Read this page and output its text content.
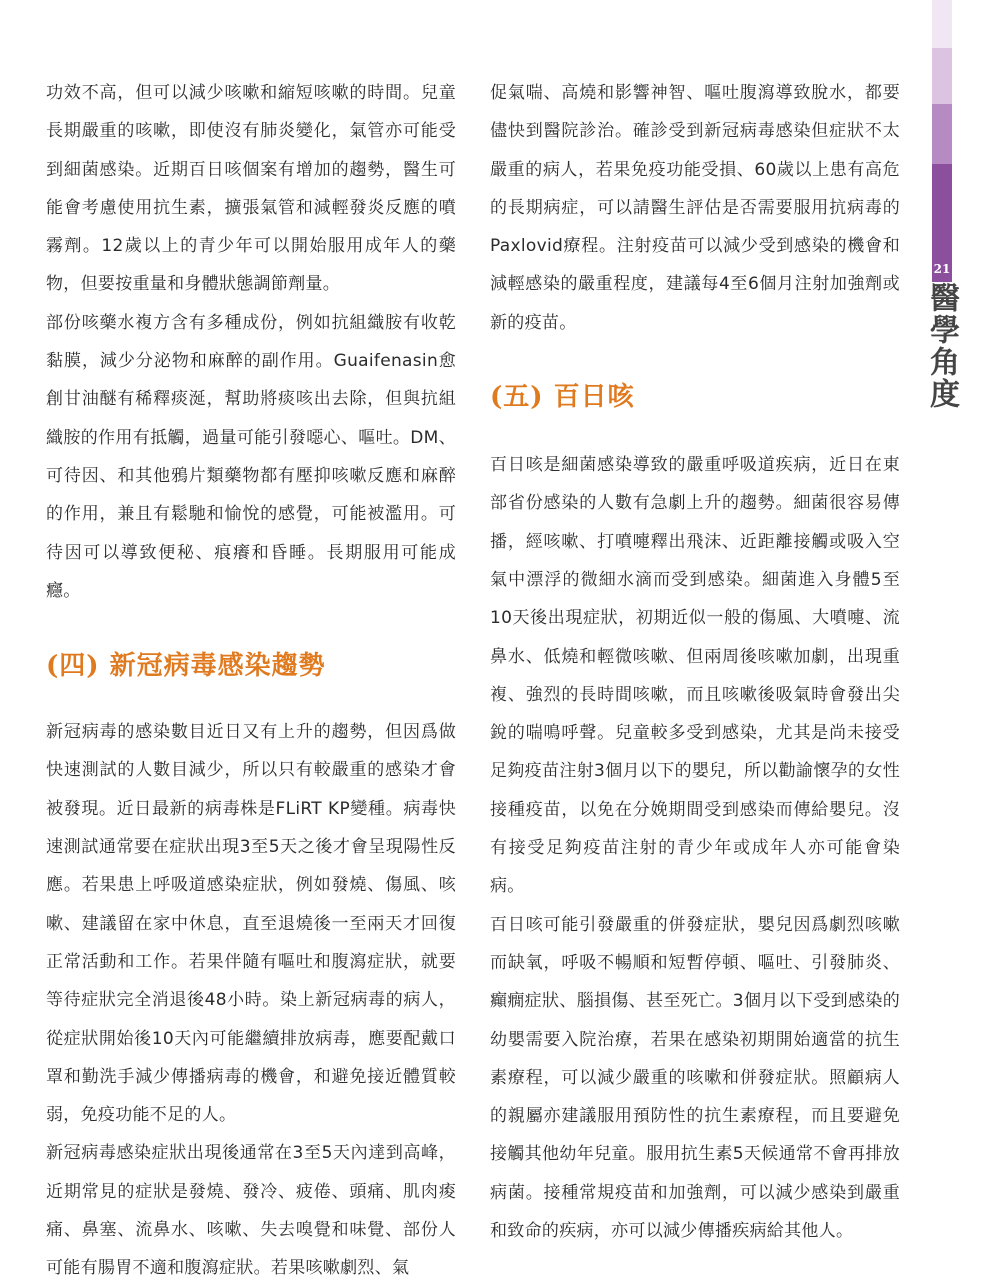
功效不高，但可以減少咳嗽和縮短咳嗽的時間。兒童長期嚴重的咳嗽，即使沒有肺炎變化，氣管亦可能受到細菌感染。近期百日咳個案有增加的趨勢，醫生可能會考慮使用抗生素，擴張氣管和減輕發炎反應的噴霧劑。12歲以上的青少年可以開始服用成年人的藥物，但要按重量和身體狀態調節劑量。

部份咳藥水複方含有多種成份，例如抗組織胺有收乾黏膜，減少分泌物和麻醉的副作用。Guaifenasin愈創甘油醚有稀釋痰涎，幫助將痰咳出去除，但與抗組織胺的作用有抵觸，過量可能引發噁心、嘔吐。DM、可待因、和其他鴉片類藥物都有壓抑咳嗽反應和麻醉的作用，兼且有鬆馳和愉悅的感覺，可能被濫用。可待因可以導致便秘、痕癢和昏睡。長期服用可能成癮。

(四) 新冠病毒感染趨勢

新冠病毒的感染數目近日又有上升的趨勢，但因爲做快速測試的人數目減少，所以只有較嚴重的感染才會被發現。近日最新的病毒株是FLiRT KP變種。病毒快速測試通常要在症狀出現3至5天之後才會呈現陽性反應。若果患上呼吸道感染症狀，例如發燒、傷風、咳嗽、建議留在家中休息，直至退燒後一至兩天才回復正常活動和工作。若果伴隨有嘔吐和腹瀉症狀，就要等待症狀完全消退後48小時。染上新冠病毒的病人，從症狀開始後10天內可能繼續排放病毒，應要配戴口罩和勤洗手減少傳播病毒的機會，和避免接近體質較弱，免疫功能不足的人。

新冠病毒感染症狀出現後通常在3至5天內達到高峰，近期常見的症狀是發燒、發冷、疲倦、頭痛、肌肉痠痛、鼻塞、流鼻水、咳嗽、失去嗅覺和味覺、部份人可能有腸胃不適和腹瀉症狀。若果咳嗽劇烈、氣

促氣喘、高燒和影響神智、嘔吐腹瀉導致脫水，都要儘快到醫院診治。確診受到新冠病毒感染但症狀不太嚴重的病人，若果免疫功能受損、60歲以上患有高危的長期病症，可以請醫生評估是否需要服用抗病毒的Paxlovid療程。注射疫苗可以減少受到感染的機會和減輕感染的嚴重程度，建議每4至6個月注射加強劑或新的疫苗。

(五) 百日咳

百日咳是細菌感染導致的嚴重呼吸道疾病，近日在東部省份感染的人數有急劇上升的趨勢。細菌很容易傳播，經咳嗽、打噴嚏釋出飛沫、近距離接觸或吸入空氣中漂浮的微細水滴而受到感染。細菌進入身體5至10天後出現症狀，初期近似一般的傷風、大噴嚏、流鼻水、低燒和輕微咳嗽、但兩周後咳嗽加劇，出現重複、強烈的長時間咳嗽，而且咳嗽後吸氣時會發出尖銳的喘鳴呼聲。兒童較多受到感染，尤其是尚未接受足夠疫苗注射3個月以下的嬰兒，所以勸諭懷孕的女性接種疫苗，以免在分娩期間受到感染而傳給嬰兒。沒有接受足夠疫苗注射的青少年或成年人亦可能會染病。

百日咳可能引發嚴重的併發症狀，嬰兒因爲劇烈咳嗽而缺氧，呼吸不暢順和短暫停頓、嘔吐、引發肺炎、癲癇症狀、腦損傷、甚至死亡。3個月以下受到感染的幼嬰需要入院治療，若果在感染初期開始適當的抗生素療程，可以減少嚴重的咳嗽和併發症狀。照顧病人的親屬亦建議服用預防性的抗生素療程，而且要避免接觸其他幼年兒童。服用抗生素5天候通常不會再排放病菌。接種常規疫苗和加強劑，可以減少感染到嚴重和致命的疾病，亦可以減少傳播疾病給其他人。

21
醫學角度
